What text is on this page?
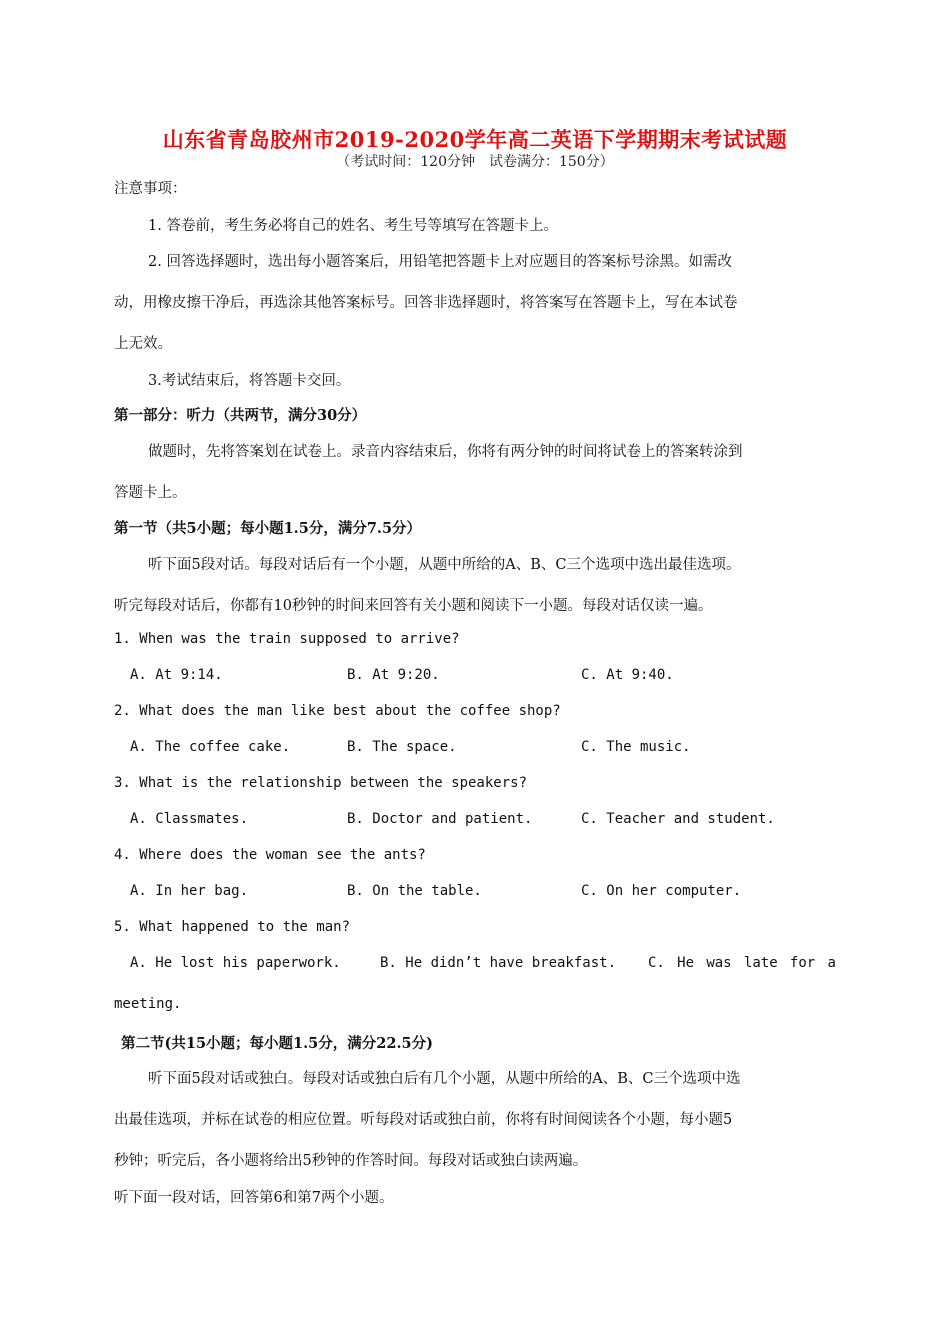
山东省青岛胶州市2019-2020学年高二英语下学期期末考试试题
（考试时间：120分钟　试卷满分：150分）
注意事项：
1. 答卷前，考生务必将自己的姓名、考生号等填写在答题卡上。
2. 回答选择题时，选出每小题答案后，用铅笔把答题卡上对应题目的答案标号涂黑。如需改
动，用橡皮擦干净后，再选涂其他答案标号。回答非选择题时，将答案写在答题卡上，写在本试卷
上无效。
3.考试结束后，将答题卡交回。
第一部分：听力（共两节，满分30分）
做题时，先将答案划在试卷上。录音内容结束后，你将有两分钟的时间将试卷上的答案转涂到
答题卡上。
第一节（共5小题；每小题1.5分，满分7.5分）
听下面5段对话。每段对话后有一个小题，从题中所给的A、B、C三个选项中选出最佳选项。
听完每段对话后，你都有10秒钟的时间来回答有关小题和阅读下一小题。每段对话仅读一遍。
1. When was the train supposed to arrive?
A. At 9:14.	B. At 9:20.	C. At 9:40.
2. What does the man like best about the coffee shop?
A. The coffee cake.	B. The space.	C. The music.
3. What is the relationship between the speakers?
A. Classmates.	B. Doctor and patient.	C. Teacher and student.
4. Where does the woman see the ants?
A. In her bag.	B. On the table.	C. On her computer.
5. What happened to the man?
A. He lost his paperwork.	B. He didn’t have breakfast. C. He was late for a
meeting.
第二节(共15小题；每小题1.5分，满分22.5分)
听下面5段对话或独白。每段对话或独白后有几个小题，从题中所给的A、B、C三个选项中选
出最佳选项，并标在试卷的相应位置。听每段对话或独白前，你将有时间阅读各个小题，每小题5
秒钟；听完后，各小题将给出5秒钟的作答时间。每段对话或独白读两遍。
听下面一段对话，回答第6和第7两个小题。
